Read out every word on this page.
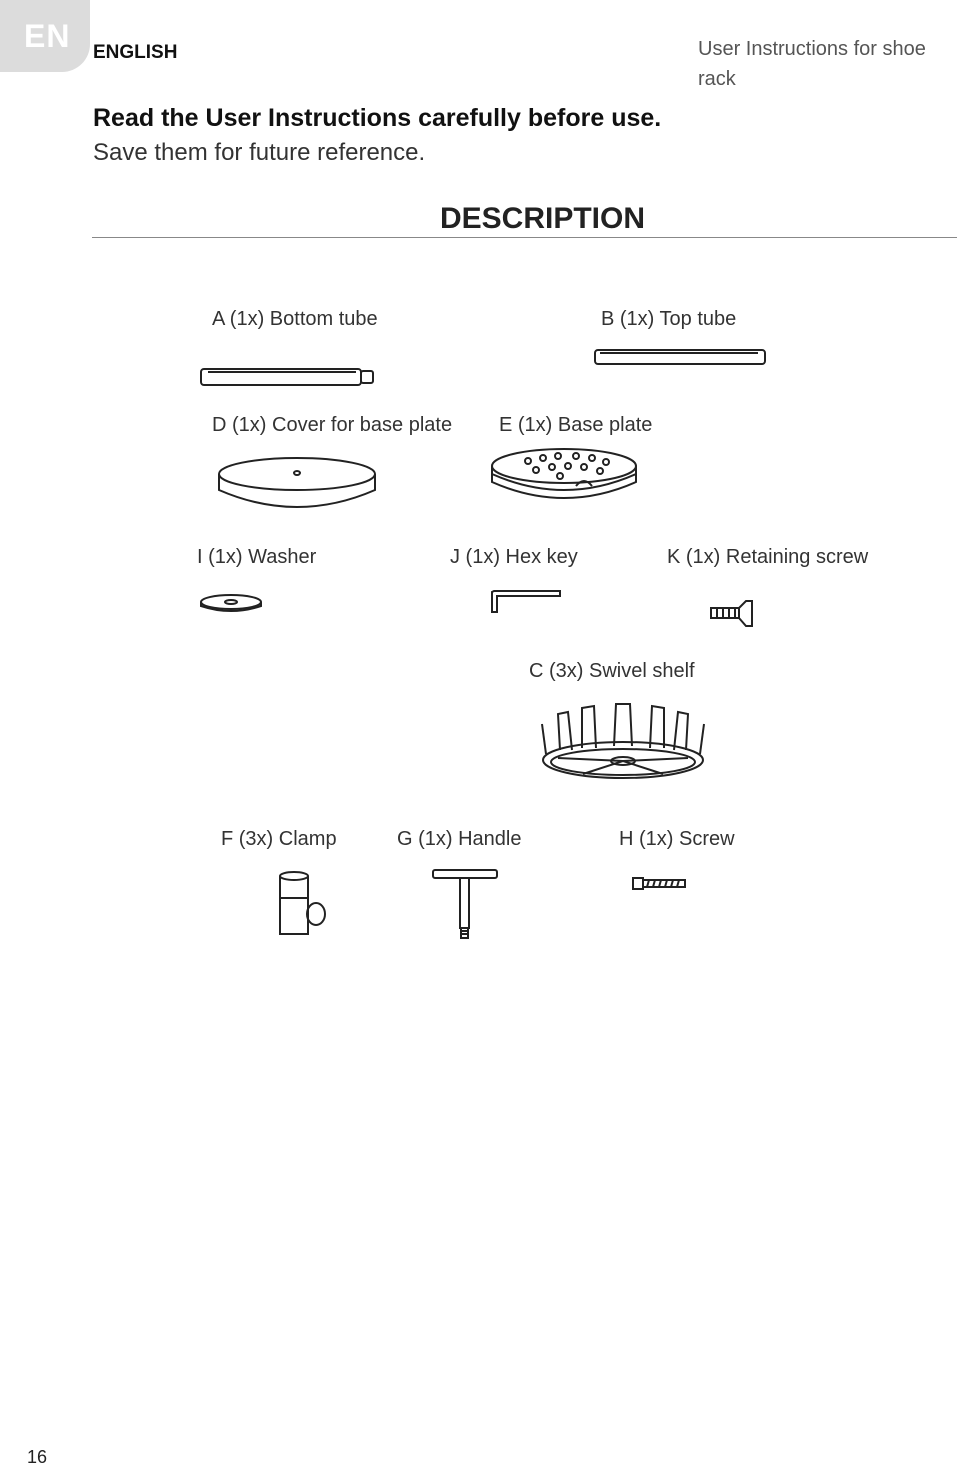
EN ENGLISH	User Instructions for shoe rack
Read the User Instructions carefully before use.
Save them for future reference.
DESCRIPTION
A (1x) Bottom tube	B (1x) Top tube
D (1x) Cover for base plate E (1x) Base plate
I (1x) Washer	J (1x) Hex key	K (1x) Retaining screw
C (3x) Swivel shelf
F (3x) Clamp	G (1x) Handle	H (1x) Screw
16
